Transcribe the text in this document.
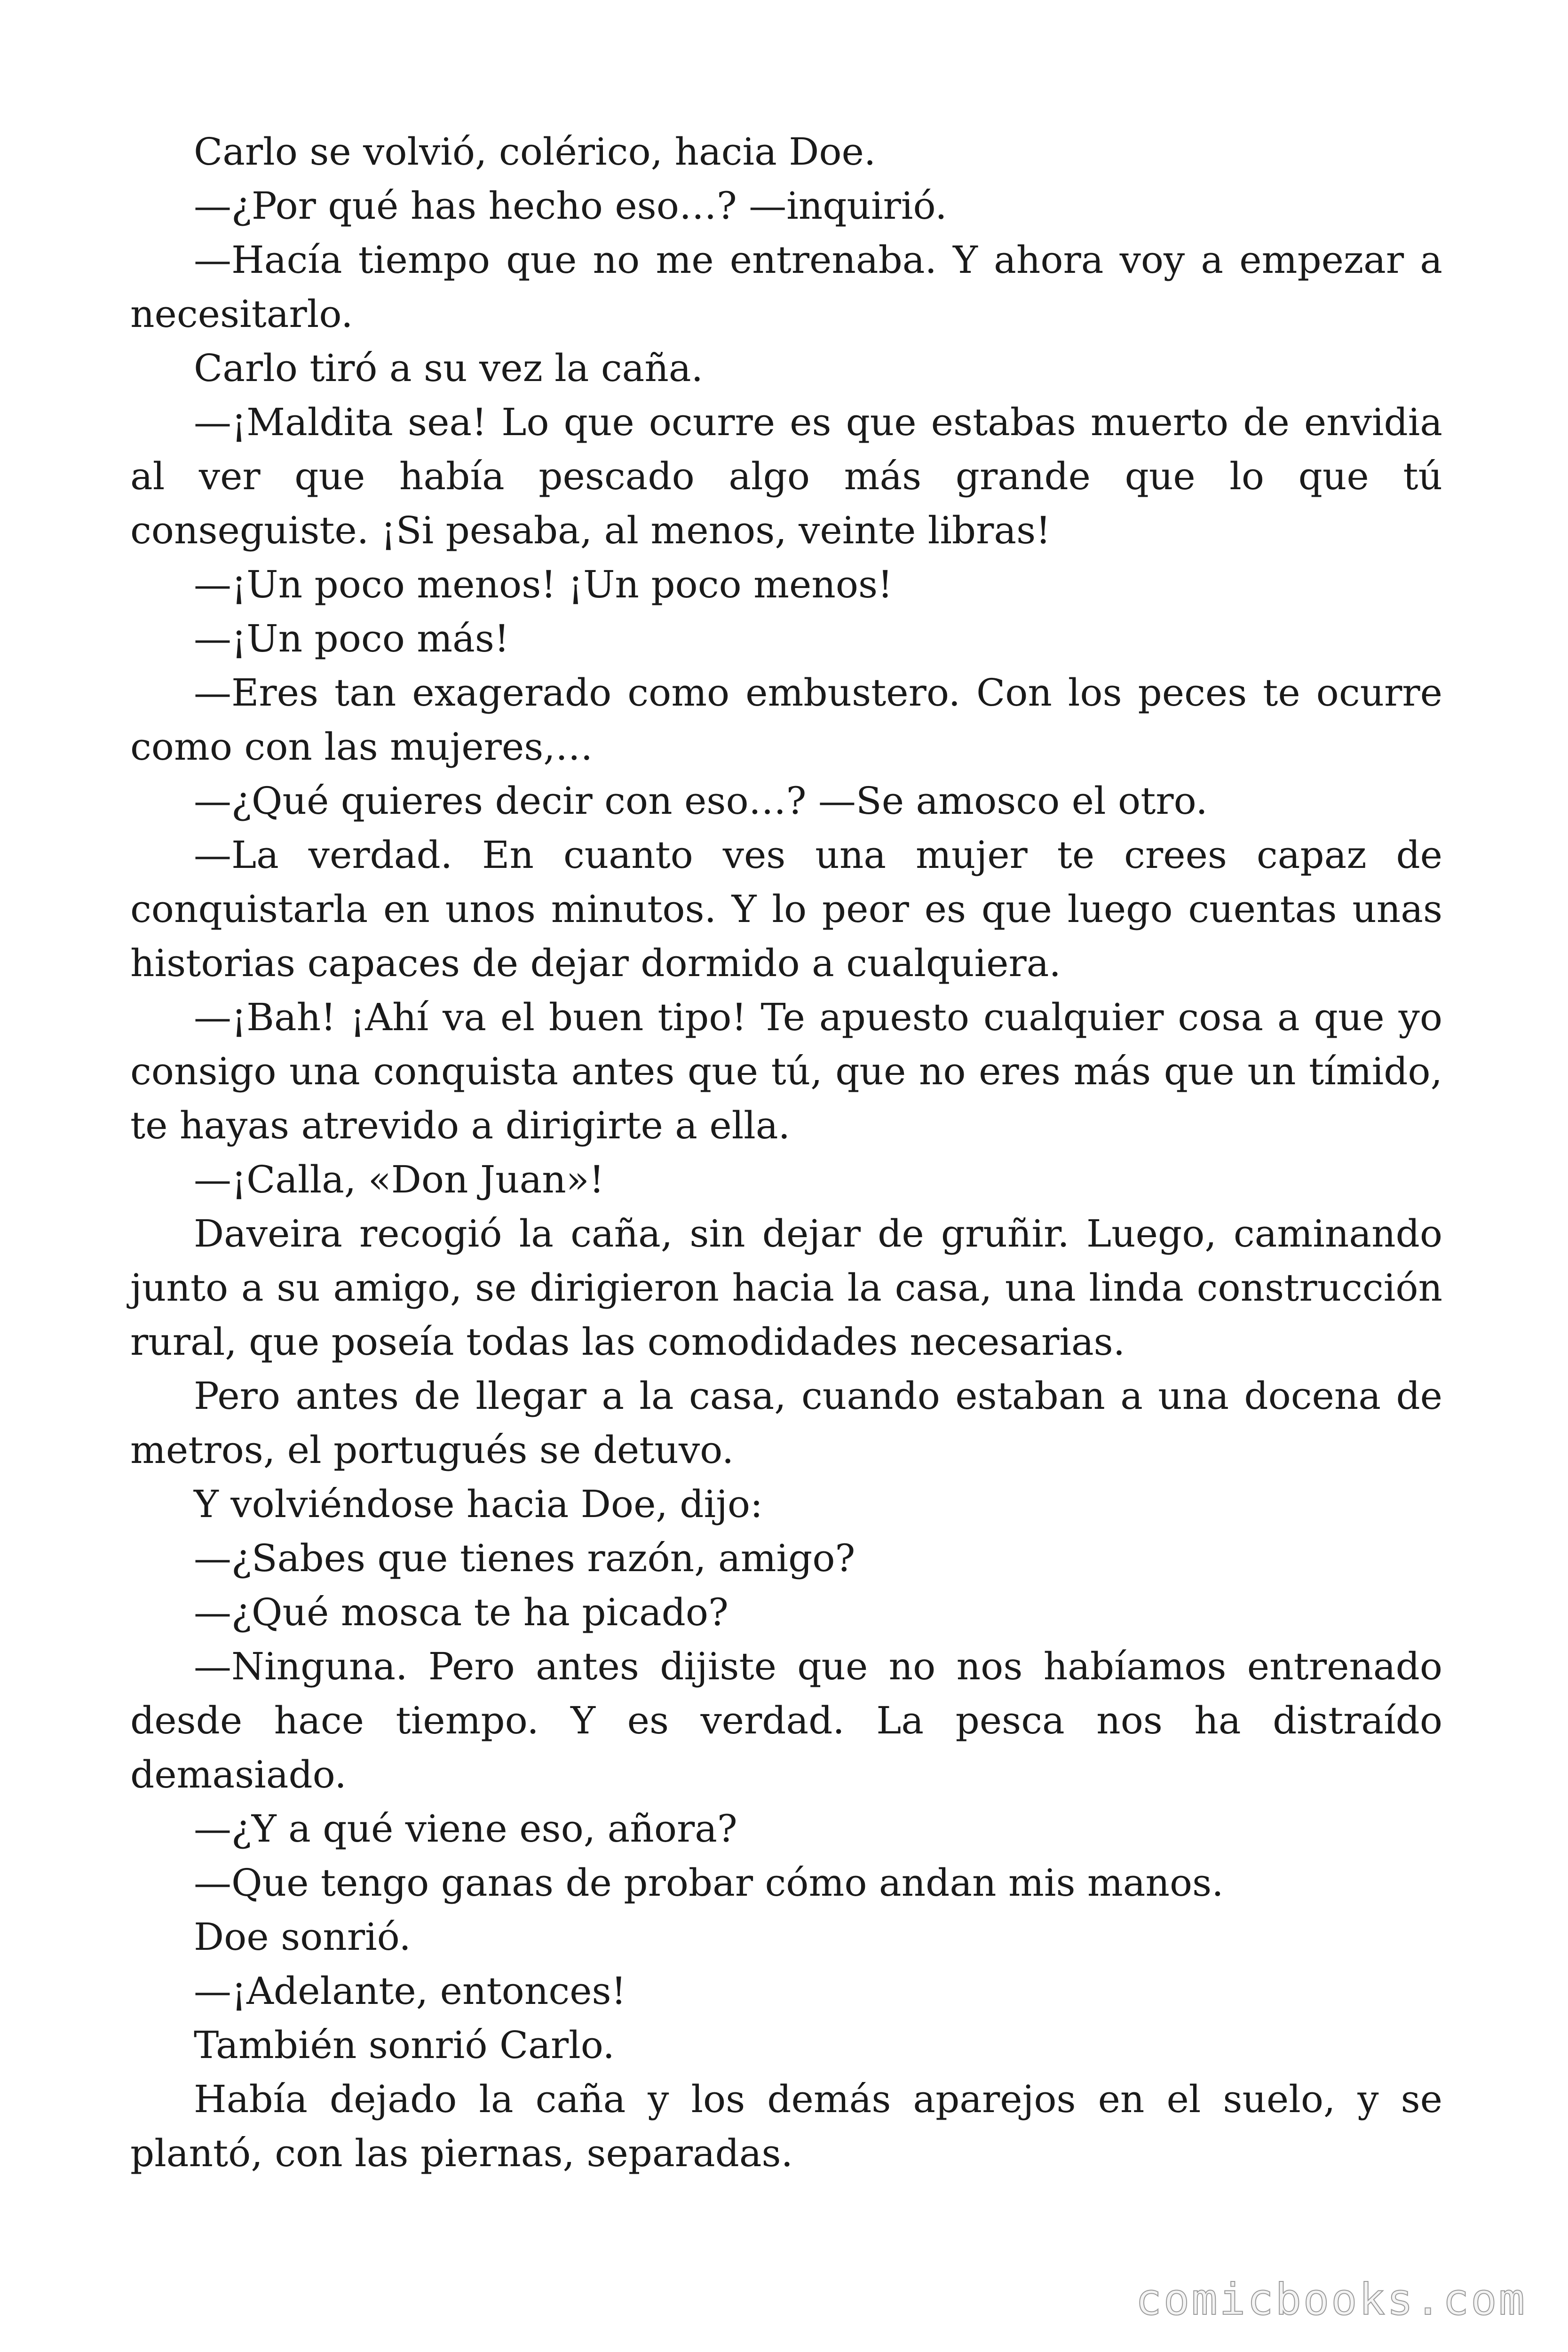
Carlo se volvió, colérico, hacia Doe.

—¿Por qué has hecho eso…? —inquirió.

—Hacía tiempo que no me entrenaba. Y ahora voy a empezar a necesitarlo.

Carlo tiró a su vez la caña.

—¡Maldita sea! Lo que ocurre es que estabas muerto de envidia al ver que había pescado algo más grande que lo que tú conseguiste. ¡Si pesaba, al menos, veinte libras!

—¡Un poco menos! ¡Un poco menos!

—¡Un poco más!

—Eres tan exagerado como embustero. Con los peces te ocurre como con las mujeres,…

—¿Qué quieres decir con eso…? —Se amosco el otro.

—La verdad. En cuanto ves una mujer te crees capaz de conquistarla en unos minutos. Y lo peor es que luego cuentas unas historias capaces de dejar dormido a cualquiera.

—¡Bah! ¡Ahí va el buen tipo! Te apuesto cualquier cosa a que yo consigo una conquista antes que tú, que no eres más que un tímido, te hayas atrevido a dirigirte a ella.

—¡Calla, «Don Juan»!

Daveira recogió la caña, sin dejar de gruñir. Luego, caminando junto a su amigo, se dirigieron hacia la casa, una linda construcción rural, que poseía todas las comodidades necesarias.

Pero antes de llegar a la casa, cuando estaban a una docena de metros, el portugués se detuvo.

Y volviéndose hacia Doe, dijo:

—¿Sabes que tienes razón, amigo?

—¿Qué mosca te ha picado?

—Ninguna. Pero antes dijiste que no nos habíamos entrenado desde hace tiempo. Y es verdad. La pesca nos ha distraído demasiado.

—¿Y a qué viene eso, añora?

—Que tengo ganas de probar cómo andan mis manos.

Doe sonrió.

—¡Adelante, entonces!

También sonrió Carlo.

Había dejado la caña y los demás aparejos en el suelo, y se plantó, con las piernas, separadas.

comicbooks.com
